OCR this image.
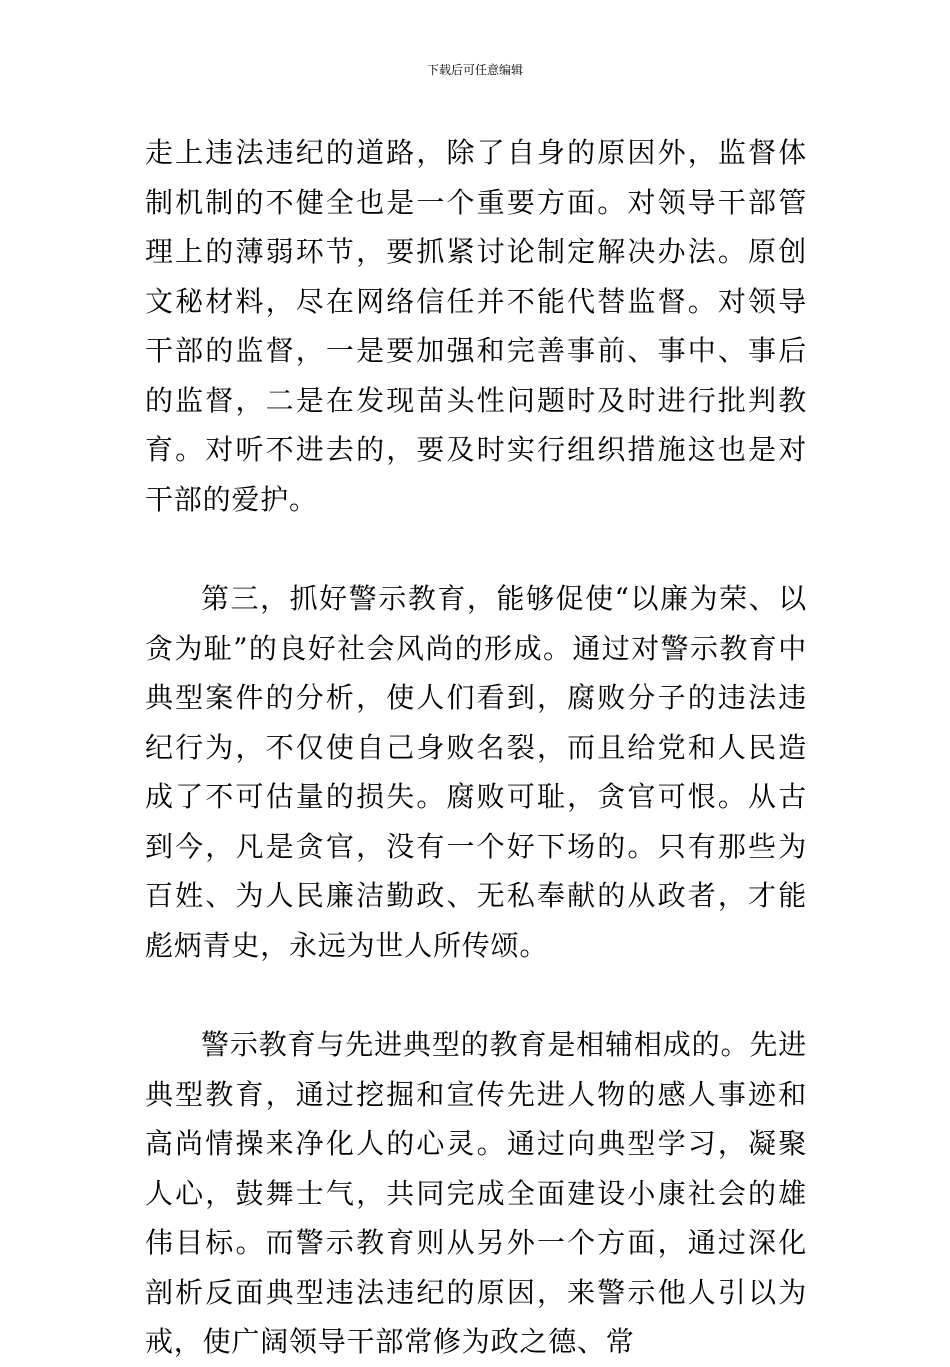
下载后可任意编辑

走上违法违纪的道路，除了自身的原因外，监督体制机制的不健全也是一个重要方面。对领导干部管理上的薄弱环节，要抓紧讨论制定解决办法。原创文秘材料，尽在网络信任并不能代替监督。对领导干部的监督，一是要加强和完善事前、事中、事后的监督，二是在发现苗头性问题时及时进行批判教育。对听不进去的，要及时实行组织措施这也是对干部的爱护。

第三，抓好警示教育，能够促使“以廉为荣、以贪为耻”的良好社会风尚的形成。通过对警示教育中典型案件的分析，使人们看到，腐败分子的违法违纪行为，不仅使自己身败名裂，而且给党和人民造成了不可估量的损失。腐败可耻，贪官可恨。从古到今，凡是贪官，没有一个好下场的。只有那些为百姓、为人民廉洁勤政、无私奉献的从政者，才能彪炳青史，永远为世人所传颂。

警示教育与先进典型的教育是相辅相成的。先进典型教育，通过挖掘和宣传先进人物的感人事迹和高尚情操来净化人的心灵。通过向典型学习，凝聚人心，鼓舞士气，共同完成全面建设小康社会的雄伟目标。而警示教育则从另外一个方面，通过深化剖析反面典型违法违纪的原因，来警示他人引以为戒，使广阔领导干部常修为政之德、常
